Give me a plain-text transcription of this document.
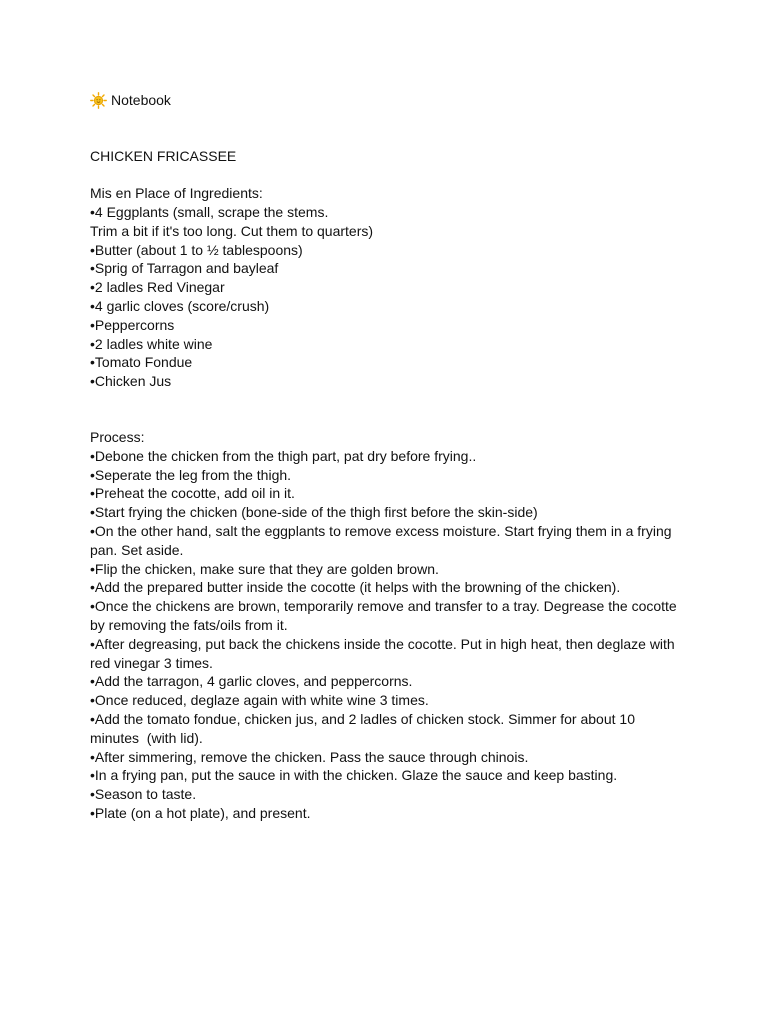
Notebook
CHICKEN FRICASSEE
Mis en Place of Ingredients:
•4 Eggplants (small, scrape the stems.
Trim a bit if it's too long. Cut them to quarters)
•Butter (about 1 to ½ tablespoons)
•Sprig of Tarragon and bayleaf
•2 ladles Red Vinegar
•4 garlic cloves (score/crush)
•Peppercorns
•2 ladles white wine
•Tomato Fondue
•Chicken Jus
Process:
•Debone the chicken from the thigh part, pat dry before frying..
•Seperate the leg from the thigh.
•Preheat the cocotte, add oil in it.
•Start frying the chicken (bone-side of the thigh first before the skin-side)
•On the other hand, salt the eggplants to remove excess moisture. Start frying them in a frying
pan. Set aside.
•Flip the chicken, make sure that they are golden brown.
•Add the prepared butter inside the cocotte (it helps with the browning of the chicken).
•Once the chickens are brown, temporarily remove and transfer to a tray. Degrease the cocotte
by removing the fats/oils from it.
•After degreasing, put back the chickens inside the cocotte. Put in high heat, then deglaze with
red vinegar 3 times.
•Add the tarragon, 4 garlic cloves, and peppercorns.
•Once reduced, deglaze again with white wine 3 times.
•Add the tomato fondue, chicken jus, and 2 ladles of chicken stock. Simmer for about 10
minutes  (with lid).
•After simmering, remove the chicken. Pass the sauce through chinois.
•In a frying pan, put the sauce in with the chicken. Glaze the sauce and keep basting.
•Season to taste.
•Plate (on a hot plate), and present.
